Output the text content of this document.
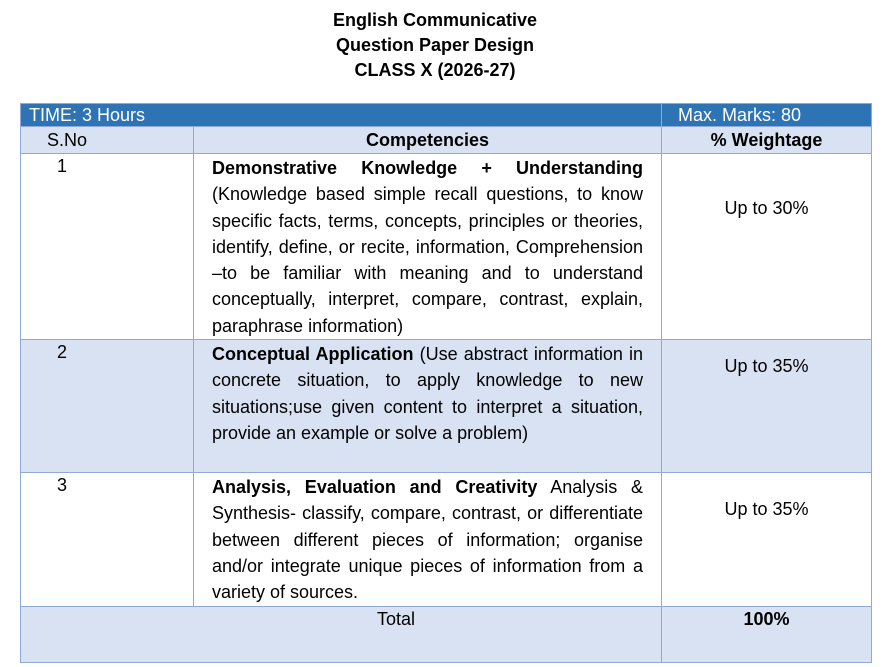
English Communicative
Question Paper Design
CLASS X (2026-27)
TIME: 3 Hours		Max. Marks: 80
S.No	Competencies	% Weightage
1	Demonstrative Knowledge + Understanding (Knowledge based simple recall questions, to know specific facts, terms, concepts, principles or theories, identify, define, or recite, information, Comprehension –to be familiar with meaning and to understand conceptually, interpret, compare, contrast, explain, paraphrase information)	Up to 30%
2	Conceptual Application (Use abstract information in concrete situation, to apply knowledge to new situations;use given content to interpret a situation, provide an example or solve a problem)	Up to 35%
3	Analysis, Evaluation and Creativity Analysis & Synthesis- classify, compare, contrast, or differentiate between different pieces of information; organise and/or integrate unique pieces of information from a variety of sources.	Up to 35%
Total		100%
